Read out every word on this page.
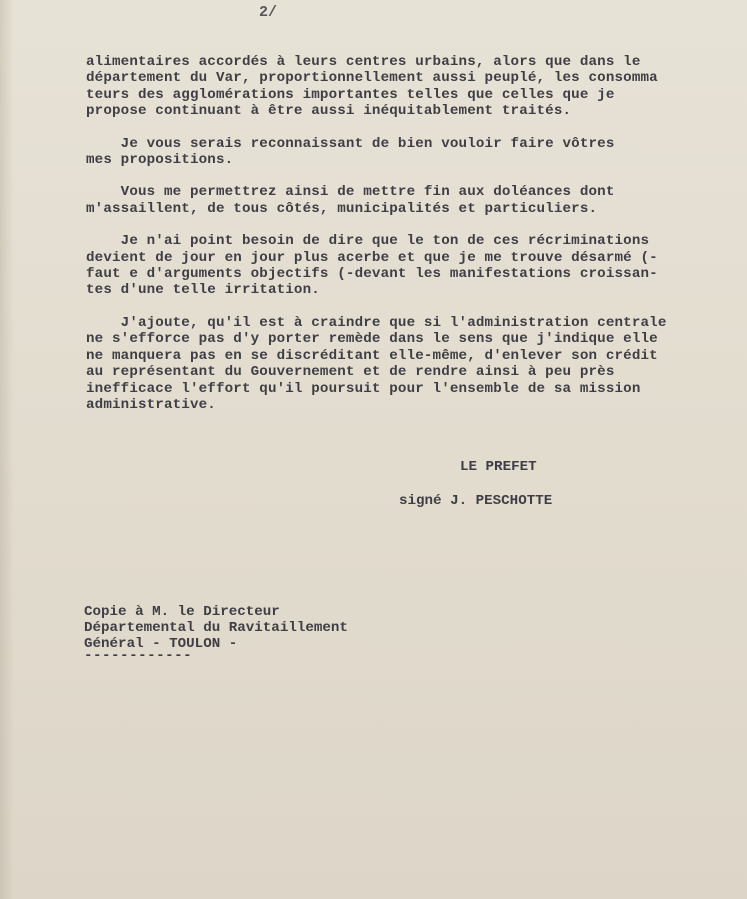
2/
alimentaires accordés à leurs centres urbains, alors que dans le
département du Var, proportionnellement aussi peuplé, les consomma
teurs des agglomérations importantes telles que celles que je
propose continuant à être aussi inéquitablement traités.
Je vous serais reconnaissant de bien vouloir faire vôtres
mes propositions.
Vous me permettrez ainsi de mettre fin aux doléances dont
m'assaillent, de tous côtés, municipalités et particuliers.
Je n'ai point besoin de dire que le ton de ces récriminations
devient de jour en jour plus acerbe et que je me trouve désarmé (-
faut e d'arguments objectifs (-devant les manifestations croissan-
tes d'une telle irritation.
J'ajoute, qu'il est à craindre que si l'administration centrale
ne s'efforce pas d'y porter remède dans le sens que j'indique elle
ne manquera pas en se discréditant elle-même, d'enlever son crédit
au représentant du Gouvernement et de rendre ainsi à peu près
inefficace l'effort qu'il poursuit pour l'ensemble de sa mission
administrative.
LE PREFET
signé J. PESCHOTTE
Copie à M. le Directeur
Départemental du Ravitaillement
Général - TOULON -
------------
